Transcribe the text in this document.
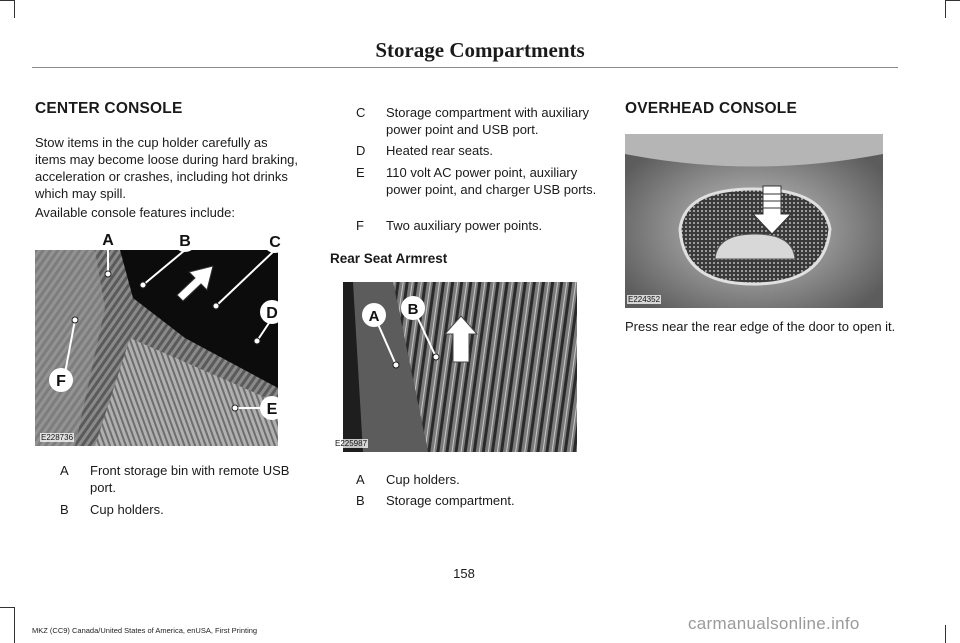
Storage Compartments
CENTER CONSOLE
Stow items in the cup holder carefully as items may become loose during hard braking, acceleration or crashes, including hot drinks which may spill.
Available console features include:
A	B	C
D
E
F
E228736
A	Front storage bin with remote USB port.
B	Cup holders.
C	Storage compartment with auxiliary power point and USB port.
D	Heated rear seats.
E	110 volt AC power point, auxiliary power point, and charger USB ports.
F	Two auxiliary power points.
Rear Seat Armrest
A B
E225987
A	Cup holders.
B	Storage compartment.
OVERHEAD CONSOLE
E224352
Press near the rear edge of the door to open it.
158
MKZ (CC9) Canada/United States of America, enUSA, First Printing	carmanualsonline.info
